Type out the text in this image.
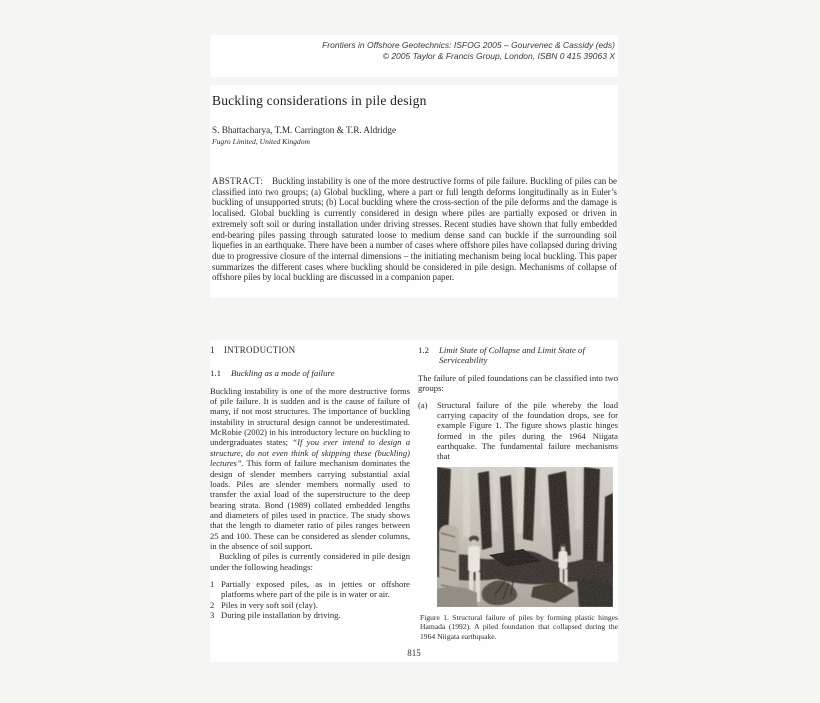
Frontiers in Offshore Geotechnics: ISFOG 2005 – Gourvenec & Cassidy (eds)
© 2005 Taylor & Francis Group, London, ISBN 0 415 39063 X
Buckling considerations in pile design
S. Bhattacharya, T.M. Carrington & T.R. Aldridge
Fugro Limited, United Kingdom

ABSTRACT: Buckling instability is one of the more destructive forms of pile failure. Buckling of piles can be classified into two groups; (a) Global buckling, where a part or full length deforms longitudinally as in Euler’s buckling of unsupported struts; (b) Local buckling where the cross-section of the pile deforms and the damage is localised. Global buckling is currently considered in design where piles are partially exposed or driven in extremely soft soil or during installation under driving stresses. Recent studies have shown that fully embedded end-bearing piles passing through saturated loose to medium dense sand can buckle if the surrounding soil liquefies in an earthquake. There have been a number of cases where offshore piles have collapsed during driving due to progressive closure of the internal dimensions – the initiating mechanism being local buckling. This paper summarizes the different cases where buckling should be considered in pile design. Mechanisms of collapse of offshore piles by local buckling are discussed in a companion paper.

1 INTRODUCTION
1.1 Buckling as a mode of failure

Buckling instability is one of the more destructive forms of pile failure. It is sudden and is the cause of failure of many, if not most structures. The importance of buckling instability in structural design cannot be underestimated. McRobie (2002) in his introductory lecture on buckling to undergraduates states; “If you ever intend to design a structure, do not even think of skipping these (buckling) lectures”. This form of failure mechanism dominates the design of slender members carrying substantial axial loads. Piles are slender members normally used to transfer the axial load of the superstructure to the deep bearing strata. Bond (1989) collated embedded lengths and diameters of piles used in practice. The study shows that the length to diameter ratio of piles ranges between 25 and 100. These can be considered as slender columns, in the absence of soil support.

Buckling of piles is currently considered in pile design under the following headings:

1 Partially exposed piles, as in jetties or offshore platforms where part of the pile is in water or air.
2 Piles in very soft soil (clay).
3 During pile installation by driving.
1.2 Limit State of Collapse and Limit State of Serviceability

The failure of piled foundations can be classified into two groups:

(a) Structural failure of the pile whereby the load carrying capacity of the foundation drops, see for example Figure 1. The figure shows plastic hinges formed in the piles during the 1964 Niigata earthquake. The fundamental failure mechanisms that
Figure 1. Structural failure of piles by forming plastic hinges Hamada (1992). A piled foundation that collapsed during the 1964 Niigata earthquake.
815
